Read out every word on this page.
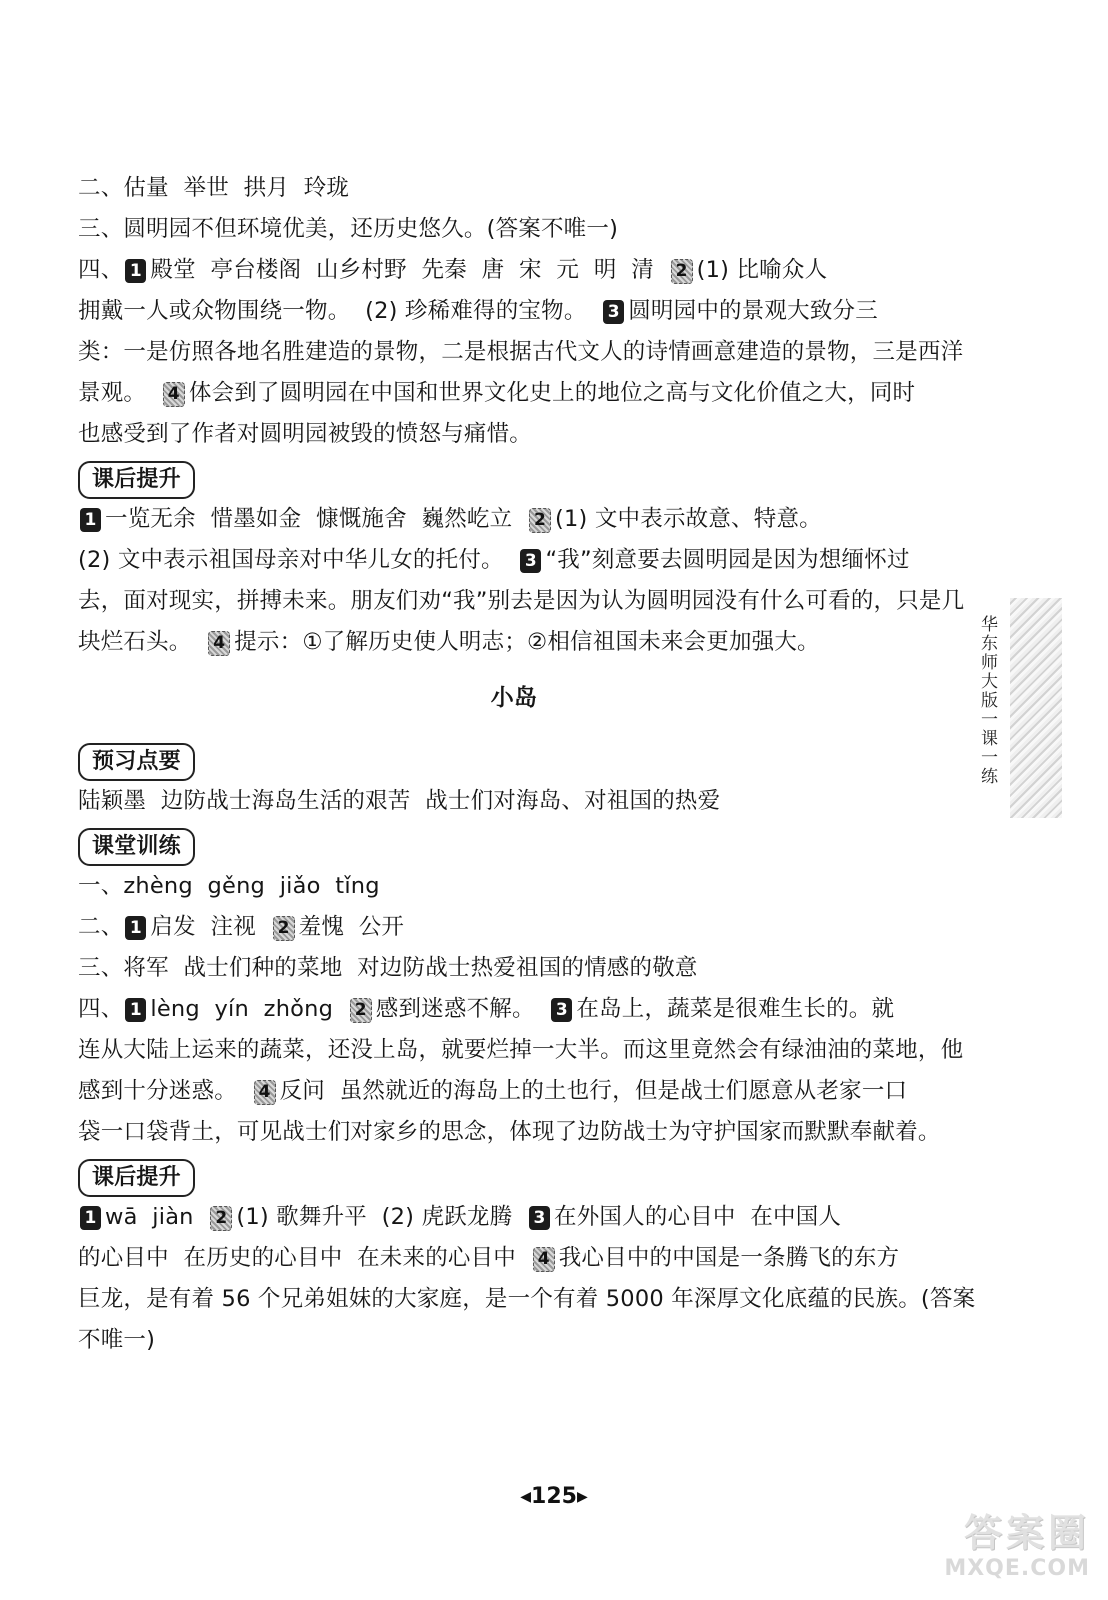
二、估量  举世  拱月  玲珑
三、圆明园不但环境优美，还历史悠久。(答案不唯一)
四、 1 殿堂  亭台楼阁  山乡村野  先秦  唐  宋  元  明  清  2 (1) 比喻众人
拥戴一人或众物围绕一物。  (2) 珍稀难得的宝物。  3 圆明园中的景观大致分三
类：一是仿照各地名胜建造的景物，二是根据古代文人的诗情画意建造的景物，三是西洋
景观。  4 体会到了圆明园在中国和世界文化史上的地位之高与文化价值之大，同时
也感受到了作者对圆明园被毁的愤怒与痛惜。
课后提升
1 一览无余  惜墨如金  慷慨施舍  巍然屹立  2 (1) 文中表示故意、特意。
(2) 文中表示祖国母亲对中华儿女的托付。  3 “我”刻意要去圆明园是因为想缅怀过
去，面对现实，拼搏未来。朋友们劝“我”别去是因为认为圆明园没有什么可看的，只是几
块烂石头。  4 提示：①了解历史使人明志；②相信祖国未来会更加强大。
小岛
预习点要
陆颖墨  边防战士海岛生活的艰苦  战士们对海岛、对祖国的热爱
课堂训练
一、zhèng  gěng  jiǎo  tǐng
二、 1 启发  注视  2 羞愧  公开
三、将军  战士们种的菜地  对边防战士热爱祖国的情感的敬意
四、 1 lèng  yín  zhǒng  2 感到迷惑不解。  3 在岛上，蔬菜是很难生长的。就
连从大陆上运来的蔬菜，还没上岛，就要烂掉一大半。而这里竟然会有绿油油的菜地，他
感到十分迷惑。  4 反问  虽然就近的海岛上的土也行，但是战士们愿意从老家一口
袋一口袋背土，可见战士们对家乡的思念，体现了边防战士为守护国家而默默奉献着。
课后提升
1 wā  jiàn  2 (1) 歌舞升平  (2) 虎跃龙腾  3 在外国人的心目中  在中国人
的心目中  在历史的心目中  在未来的心目中  4 我心目中的中国是一条腾飞的东方
巨龙，是有着 56 个兄弟姐妹的大家庭，是一个有着 5000 年深厚文化底蕴的民族。(答案
不唯一)
华东师大版一课一练
◀125▶
答案圈
MXQE.COM
